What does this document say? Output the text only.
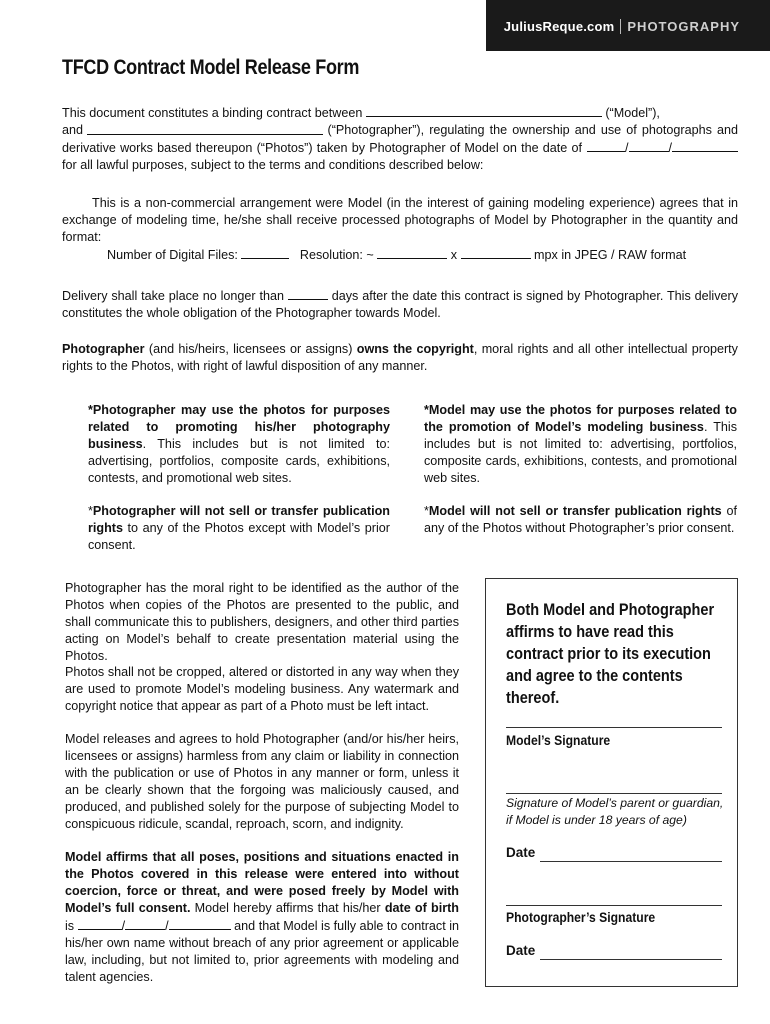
JuliusReque.com PHOTOGRAPHY
TFCD Contract Model Release Form
This document constitutes a binding contract between	(“Model”),
and
	(“Photographer”), regulating the ownership and use of photographs and
derivative works based thereupon (“Photos”) taken by Photographer of Model on the date of	/	/
for all lawful purposes, subject to the terms and conditions described below:

This is a non-commercial arrangement were Model (in the interest of gaining modeling experience) agrees that in exchange of modeling time, he/she shall receive processed photographs of Model by Photographer in the quantity and format:

Number of Digital Files:	Resolution: ~	x	mpx in JPEG / RAW format
Delivery shall take place no longer than	days after the date this contract is signed by Photographer. This delivery constitutes the whole obligation of the Photographer towards Model.
Photographer (and his/heirs, licensees or assigns) owns the copyright, moral rights and all other intellectual property rights to the Photos, with right of lawful disposition of any manner.
*Photographer may use the photos for purposes related to promoting his/her photography business. This includes but is not limited to: advertising, portfolios, composite cards, exhibitions, contests, and promotional web sites.
*Model may use the photos for purposes related to the promotion of Model’s modeling business. This includes but is not limited to: advertising, portfolios, composite cards, exhibitions, contests, and promotional web sites.
*Photographer will not sell or transfer publication rights to any of the Photos except with Model’s prior consent.
*Model will not sell or transfer publication rights of any of the Photos without Photographer’s prior consent.
Photographer has the moral right to be identified as the author of the Photos when copies of the Photos are presented to the public, and shall communicate this to publishers, designers, and other third parties acting on Model’s behalf to create presentation material using the Photos.
Photos shall not be cropped, altered or distorted in any way when they are used to promote Model’s modeling business. Any watermark and copyright notice that appear as part of a Photo must be left intact.
Model releases and agrees to hold Photographer (and/or his/her heirs, licensees or assigns) harmless from any claim or liability in connection with the publication or use of Photos in any manner or form, unless it an be clearly shown that the forgoing was maliciously caused, and produced, and published solely for the purpose of subjecting Model to conspicuous ridicule, scandal, reproach, scorn, and indignity.
Model affirms that all poses, positions and situations enacted in the Photos covered in this release were entered into without coercion, force or threat, and were posed freely by Model with Model’s full consent. Model hereby affirms that his/her date of birth is	/	/	and that Model is fully able to contract in his/her own name without breach of any prior agreement or applicable law, including, but not limited to, prior agreements with modeling and talent agencies.
Both Model and Photographer affirms to have read this contract prior to its execution and agree to the contents thereof.
Model’s Signature
Signature of Model’s parent or guardian, if Model is under 18 years of age)
Date
Photographer’s Signature
Date
